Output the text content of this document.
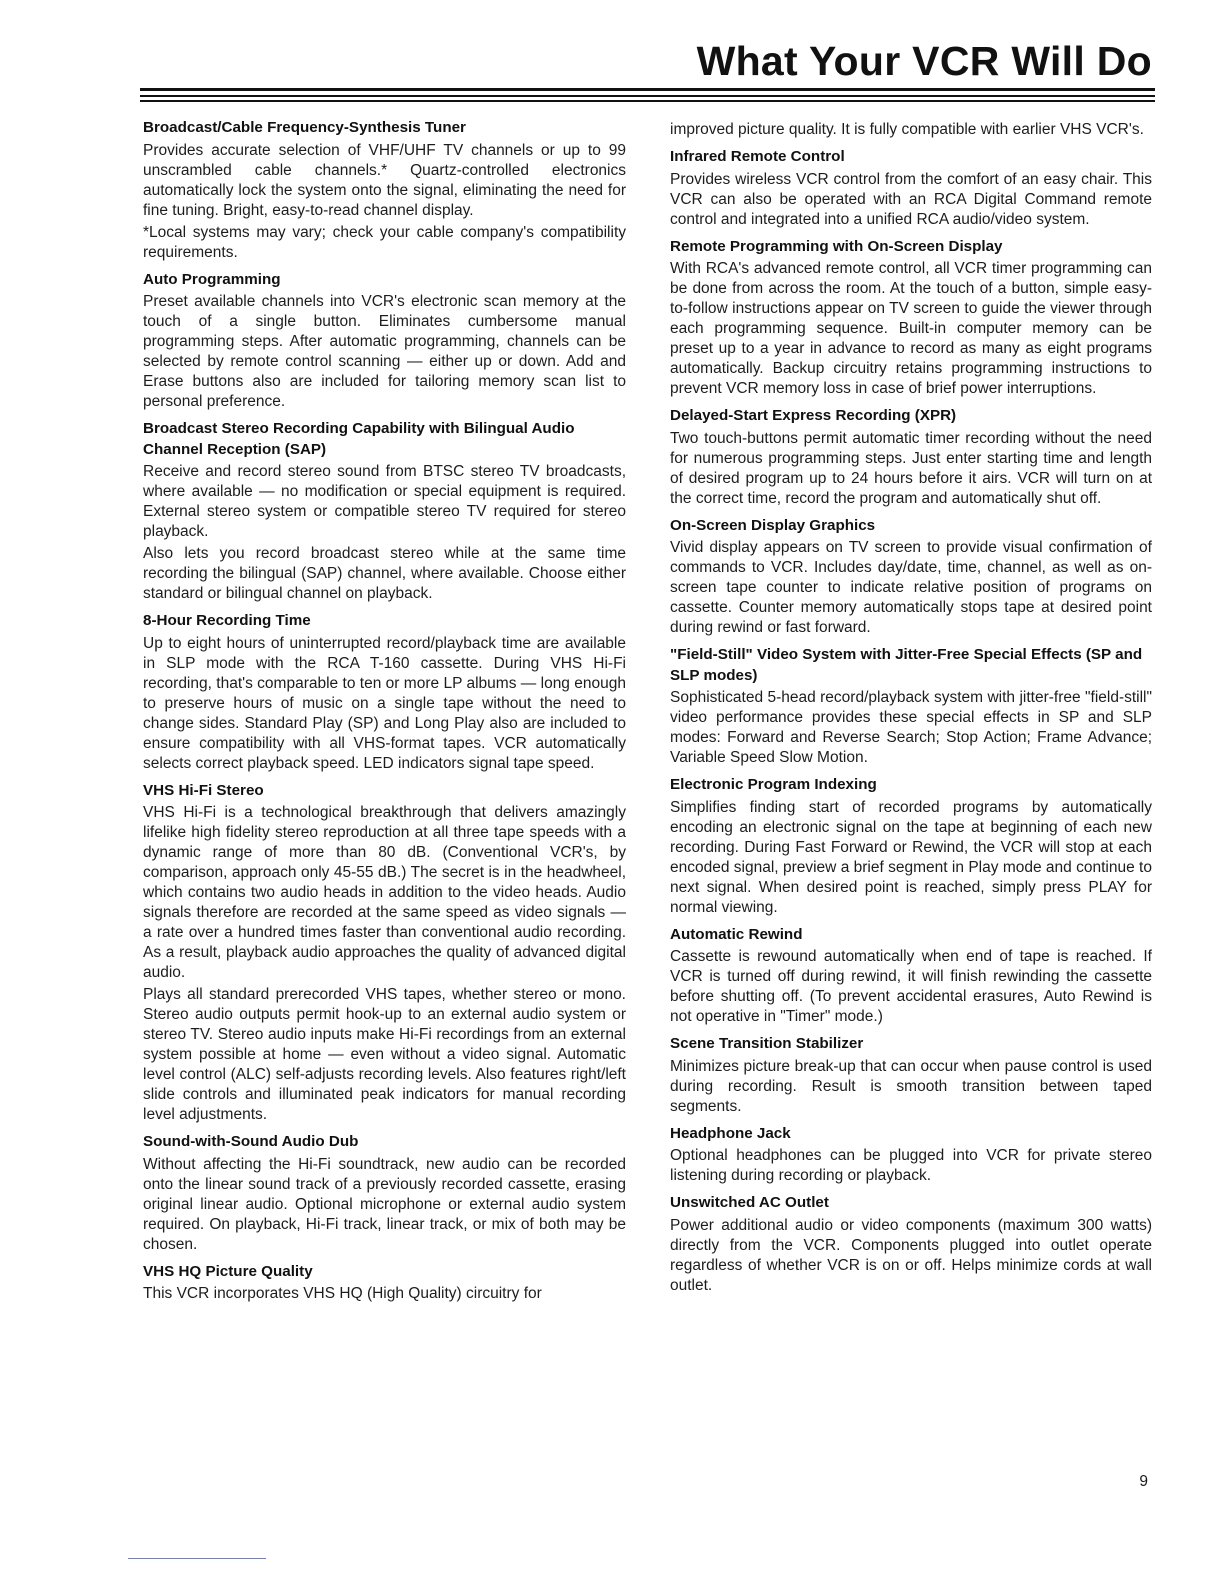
What Your VCR Will Do
Broadcast/Cable Frequency-Synthesis Tuner

Provides accurate selection of VHF/UHF TV channels or up to 99 unscrambled cable channels.* Quartz-controlled electronics automatically lock the system onto the signal, eliminating the need for fine tuning. Bright, easy-to-read channel display.

*Local systems may vary; check your cable company's compatibility requirements.

Auto Programming

Preset available channels into VCR's electronic scan memory at the touch of a single button. Eliminates cumbersome manual programming steps. After automatic programming, channels can be selected by remote control scanning — either up or down. Add and Erase buttons also are included for tailoring memory scan list to personal preference.

Broadcast Stereo Recording Capability with Bilingual Audio Channel Reception (SAP)

Receive and record stereo sound from BTSC stereo TV broadcasts, where available — no modification or special equipment is required. External stereo system or compatible stereo TV required for stereo playback.

Also lets you record broadcast stereo while at the same time recording the bilingual (SAP) channel, where available. Choose either standard or bilingual channel on playback.

8-Hour Recording Time

Up to eight hours of uninterrupted record/playback time are available in SLP mode with the RCA T-160 cassette. During VHS Hi-Fi recording, that's comparable to ten or more LP albums — long enough to preserve hours of music on a single tape without the need to change sides. Standard Play (SP) and Long Play also are included to ensure compatibility with all VHS-format tapes. VCR automatically selects correct playback speed. LED indicators signal tape speed.

VHS Hi-Fi Stereo

VHS Hi-Fi is a technological breakthrough that delivers amazingly lifelike high fidelity stereo reproduction at all three tape speeds with a dynamic range of more than 80 dB. (Conventional VCR's, by comparison, approach only 45-55 dB.) The secret is in the headwheel, which contains two audio heads in addition to the video heads. Audio signals therefore are recorded at the same speed as video signals — a rate over a hundred times faster than conventional audio recording. As a result, playback audio approaches the quality of advanced digital audio.

Plays all standard prerecorded VHS tapes, whether stereo or mono. Stereo audio outputs permit hook-up to an external audio system or stereo TV. Stereo audio inputs make Hi-Fi recordings from an external system possible at home — even without a video signal. Automatic level control (ALC) self-adjusts recording levels. Also features right/left slide controls and illuminated peak indicators for manual recording level adjustments.

Sound-with-Sound Audio Dub

Without affecting the Hi-Fi soundtrack, new audio can be recorded onto the linear sound track of a previously recorded cassette, erasing original linear audio. Optional microphone or external audio system required. On playback, Hi-Fi track, linear track, or mix of both may be chosen.

VHS HQ Picture Quality

This VCR incorporates VHS HQ (High Quality) circuitry for

improved picture quality. It is fully compatible with earlier VHS VCR's.

Infrared Remote Control

Provides wireless VCR control from the comfort of an easy chair. This VCR can also be operated with an RCA Digital Command remote control and integrated into a unified RCA audio/video system.

Remote Programming with On-Screen Display

With RCA's advanced remote control, all VCR timer programming can be done from across the room. At the touch of a button, simple easy-to-follow instructions appear on TV screen to guide the viewer through each programming sequence. Built-in computer memory can be preset up to a year in advance to record as many as eight programs automatically. Backup circuitry retains programming instructions to prevent VCR memory loss in case of brief power interruptions.

Delayed-Start Express Recording (XPR)

Two touch-buttons permit automatic timer recording without the need for numerous programming steps. Just enter starting time and length of desired program up to 24 hours before it airs. VCR will turn on at the correct time, record the program and automatically shut off.

On-Screen Display Graphics

Vivid display appears on TV screen to provide visual confirmation of commands to VCR. Includes day/date, time, channel, as well as on-screen tape counter to indicate relative position of programs on cassette. Counter memory automatically stops tape at desired point during rewind or fast forward.

"Field-Still" Video System with Jitter-Free Special Effects (SP and SLP modes)

Sophisticated 5-head record/playback system with jitter-free "field-still" video performance provides these special effects in SP and SLP modes: Forward and Reverse Search; Stop Action; Frame Advance; Variable Speed Slow Motion.

Electronic Program Indexing

Simplifies finding start of recorded programs by automatically encoding an electronic signal on the tape at beginning of each new recording. During Fast Forward or Rewind, the VCR will stop at each encoded signal, preview a brief segment in Play mode and continue to next signal. When desired point is reached, simply press PLAY for normal viewing.

Automatic Rewind

Cassette is rewound automatically when end of tape is reached. If VCR is turned off during rewind, it will finish rewinding the cassette before shutting off. (To prevent accidental erasures, Auto Rewind is not operative in "Timer" mode.)

Scene Transition Stabilizer

Minimizes picture break-up that can occur when pause control is used during recording. Result is smooth transition between taped segments.

Headphone Jack

Optional headphones can be plugged into VCR for private stereo listening during recording or playback.

Unswitched AC Outlet

Power additional audio or video components (maximum 300 watts) directly from the VCR. Components plugged into outlet operate regardless of whether VCR is on or off. Helps minimize cords at wall outlet.

9
